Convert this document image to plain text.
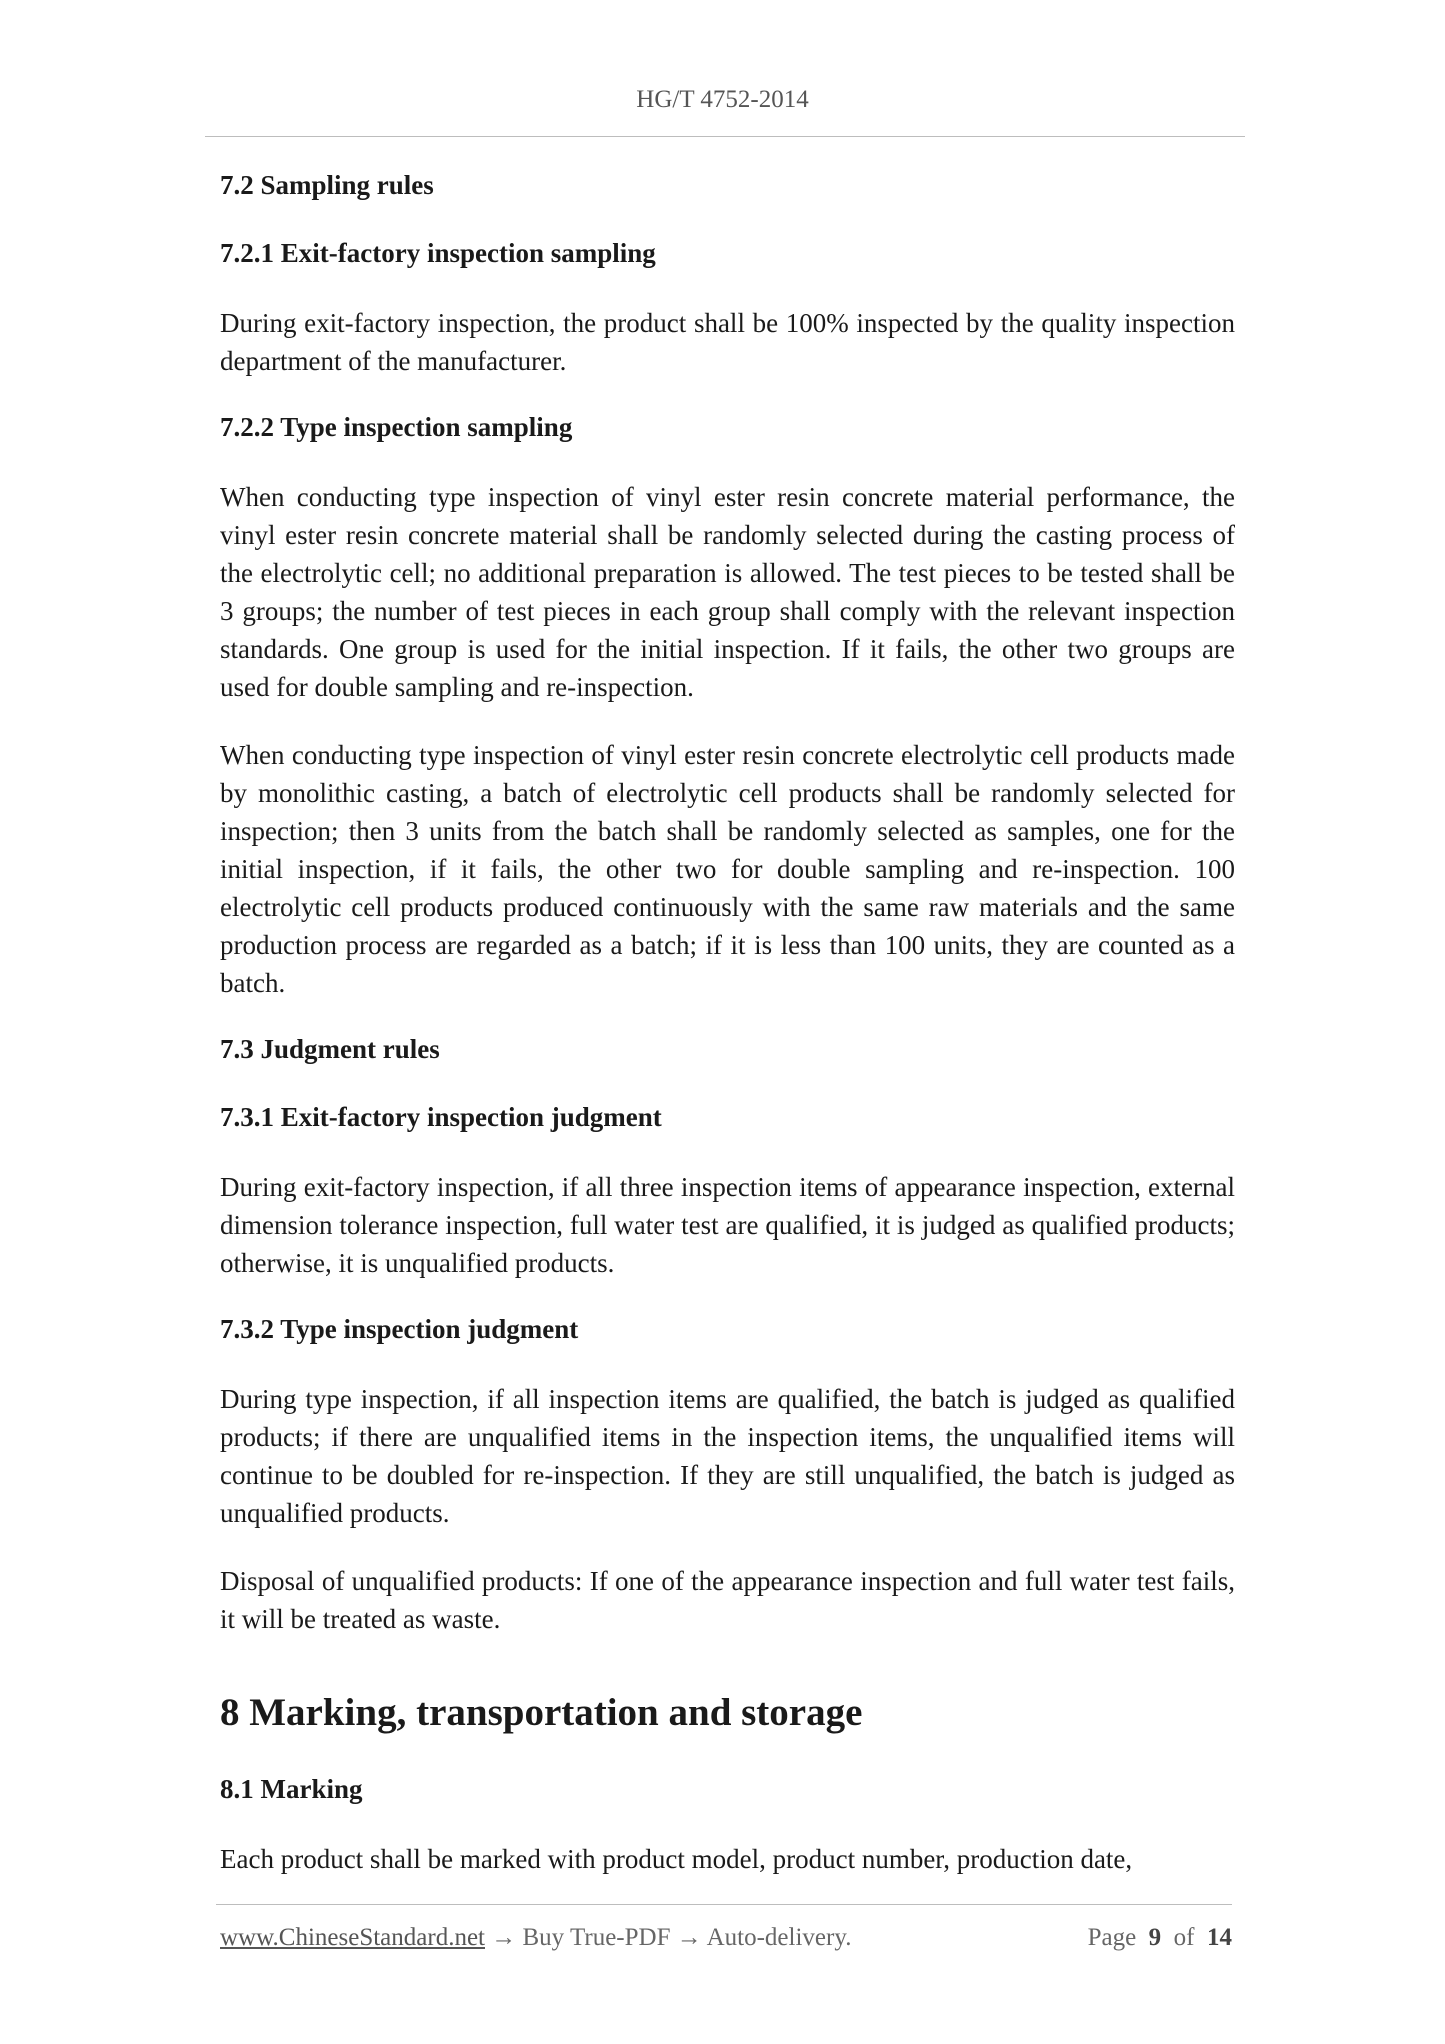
HG/T 4752-2014
7.2 Sampling rules
7.2.1 Exit-factory inspection sampling
During exit-factory inspection, the product shall be 100% inspected by the quality inspection department of the manufacturer.
7.2.2 Type inspection sampling
When conducting type inspection of vinyl ester resin concrete material performance, the vinyl ester resin concrete material shall be randomly selected during the casting process of the electrolytic cell; no additional preparation is allowed. The test pieces to be tested shall be 3 groups; the number of test pieces in each group shall comply with the relevant inspection standards. One group is used for the initial inspection. If it fails, the other two groups are used for double sampling and re-inspection.
When conducting type inspection of vinyl ester resin concrete electrolytic cell products made by monolithic casting, a batch of electrolytic cell products shall be randomly selected for inspection; then 3 units from the batch shall be randomly selected as samples, one for the initial inspection, if it fails, the other two for double sampling and re-inspection. 100 electrolytic cell products produced continuously with the same raw materials and the same production process are regarded as a batch; if it is less than 100 units, they are counted as a batch.
7.3 Judgment rules
7.3.1 Exit-factory inspection judgment
During exit-factory inspection, if all three inspection items of appearance inspection, external dimension tolerance inspection, full water test are qualified, it is judged as qualified products; otherwise, it is unqualified products.
7.3.2 Type inspection judgment
During type inspection, if all inspection items are qualified, the batch is judged as qualified products; if there are unqualified items in the inspection items, the unqualified items will continue to be doubled for re-inspection. If they are still unqualified, the batch is judged as unqualified products.
Disposal of unqualified products: If one of the appearance inspection and full water test fails, it will be treated as waste.
8 Marking, transportation and storage
8.1 Marking
Each product shall be marked with product model, product number, production date,
www.ChineseStandard.net → Buy True-PDF → Auto-delivery.	Page 9 of 14
